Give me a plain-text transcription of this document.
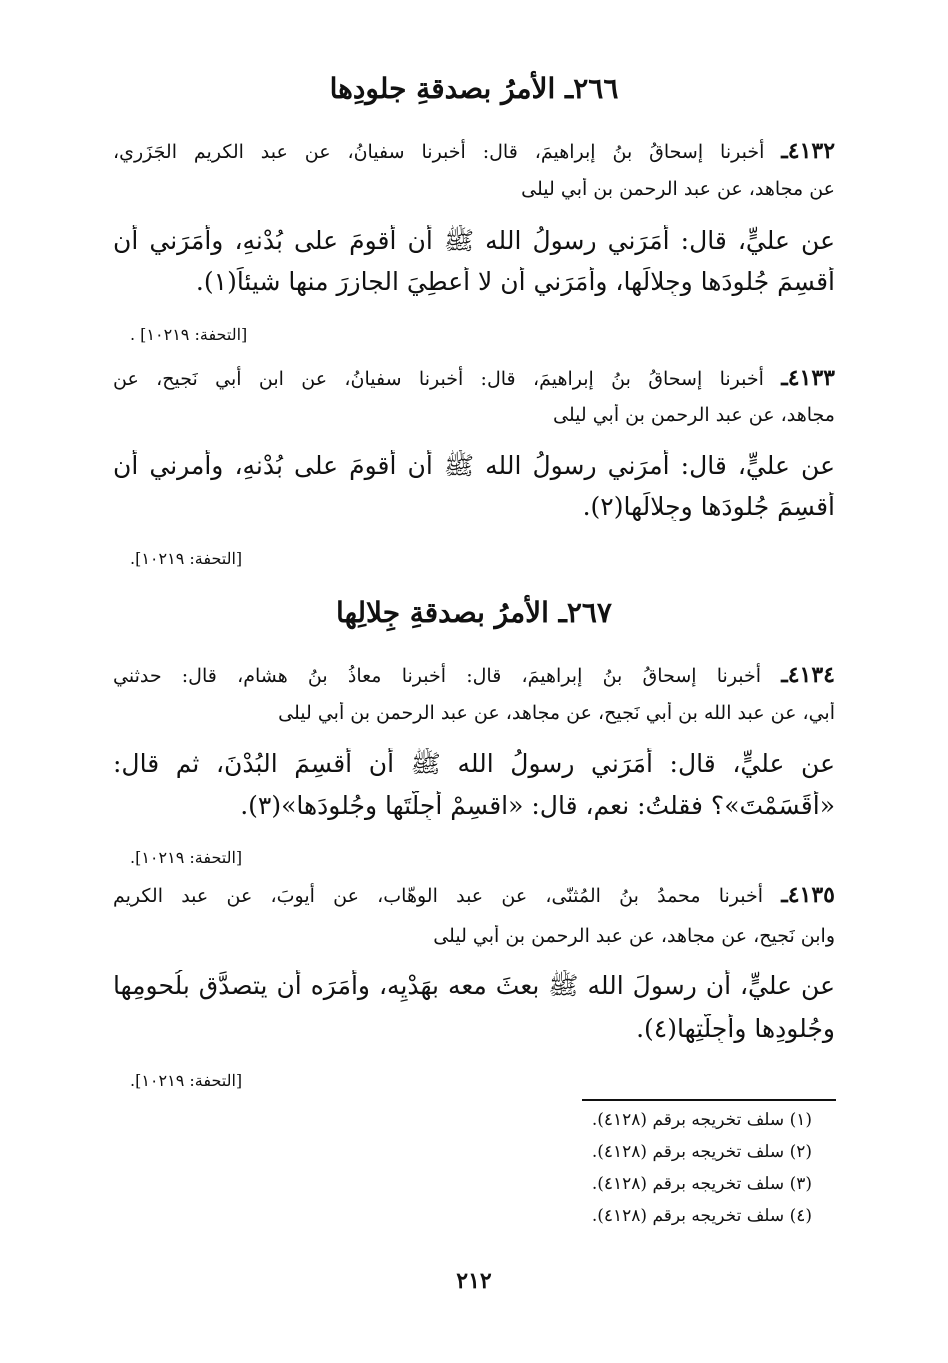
٢٦٦ـ الأمرُ بصدقةِ جلودِها
٤١٣٢ـ أخبرنا إسحاقُ بنُ إبراهيمَ، قال: أخبرنا سفيانُ، عن عبد الكريم الجَزَري،
عن مجاهد، عن عبد الرحمن بن أبي ليلى
عن عليٍّ، قال: أمَرَني رسولُ الله ﷺ أن أقومَ على بُدْنهِ، وأمَرَني أن
أَقسِمَ جُلودَها وجِلالَها، وأمَرَني أن لا أُعطِيَ الجازرَ منها شيئاً(١).
[التحفة: ١٠٢١٩] .
٤١٣٣ـ أخبرنا إسحاقُ بنُ إبراهيمَ، قال: أخبرنا سفيانُ، عن ابن أبي نَجيح، عن
مجاهد، عن عبد الرحمن بن أبي ليلى
عن عليٍّ، قال: أمرَني رسولُ الله ﷺ أن أقومَ على بُدْنهِ، وأمرني أن
أَقسِمَ جُلودَها وجِلالَها(٢).
[التحفة: ١٠٢١٩].
٢٦٧ـ الأمرُ بصدقةِ جِلالِها
٤١٣٤ـ أخبرنا إسحاقُ بنُ إبراهيمَ، قال: أخبرنا معاذُ بنُ هشام، قال: حدثني
أبي، عن عبد الله بن أبي نَجيح، عن مجاهد، عن عبد الرحمن بن أبي ليلى
عن عليٍّ، قال: أمَرَني رسولُ الله ﷺ أن أَقسِمَ البُدْنَ، ثم قال:
«أَقَسَمْتَ»؟ فقلتُ: نعم، قال: «اقسِمْ أجِلَّتَها وجُلودَها»(٣).
[التحفة: ١٠٢١٩].
٤١٣٥ـ أخبرنا محمدُ بنُ المُثنّى، عن عبد الوهّاب، عن أيوبَ، عن عبد الكريم
وابنِ نَجيح، عن مجاهد، عن عبد الرحمن بن أبي ليلى
عن عليٍّ، أن رسولَ الله ﷺ بعثَ معه بهَدْيِه، وأمَرَه أن يتصدَّق بلُحومِها
وجُلودِها وأجِلَّتِها(٤).
[التحفة: ١٠٢١٩].
(١) سلف تخريجه برقم (٤١٢٨).
(٢) سلف تخريجه برقم (٤١٢٨).
(٣) سلف تخريجه برقم (٤١٢٨).
(٤) سلف تخريجه برقم (٤١٢٨).
٢١٢
